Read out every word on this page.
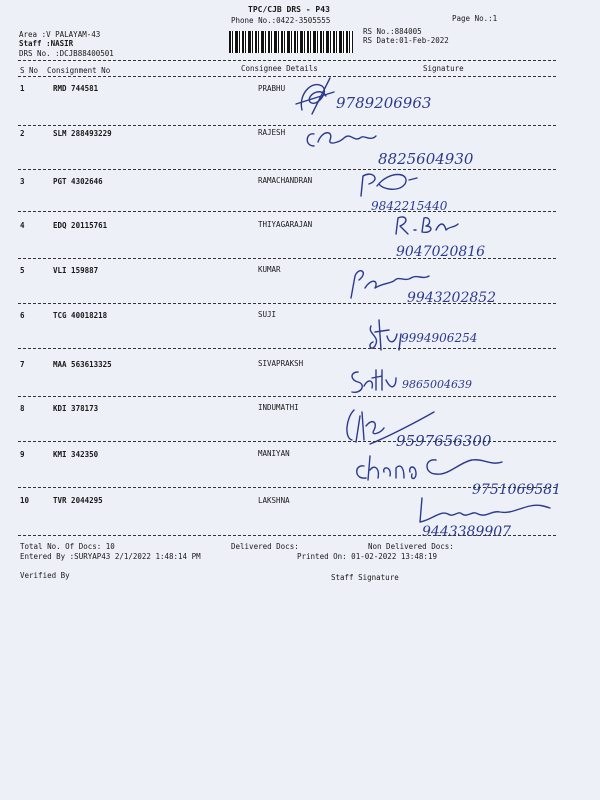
TPC/CJB DRS - P43
Phone No.:0422-3505555	Page No.:1
Area :V PALAYAM-43
Staff :NASIR
DRS No. :DCJB88400501
RS No.:884005
RS Date:01-Feb-2022
S No Consignment No	Consignee Details	Signature
1	RMD 744581	PRABHU
9789206963
2	SLM 288493229	RAJESH
8825604930
3	PGT 4302646	RAMACHANDRAN
9842215440
4	EDQ 20115761	THIYAGARAJAN
9047020816
5	VLI 159887	KUMAR
9943202852
6	TCG 40018218	SUJI
9994906254
7	MAA 563613325	SIVAPRAKSH
9865004639
8	KDI 378173	INDUMATHI
9597656300
9	KMI 342350	MANIYAN
9751069581
10	TVR 2044295	LAKSHNA
9443389907
Total No. Of Docs: 10	Delivered Docs:	Non Delivered Docs:
Entered By :SURYAP43 2/1/2022 1:48:14 PM	Printed On: 01-02-2022 13:48:19
Verified By	Staff Signature
